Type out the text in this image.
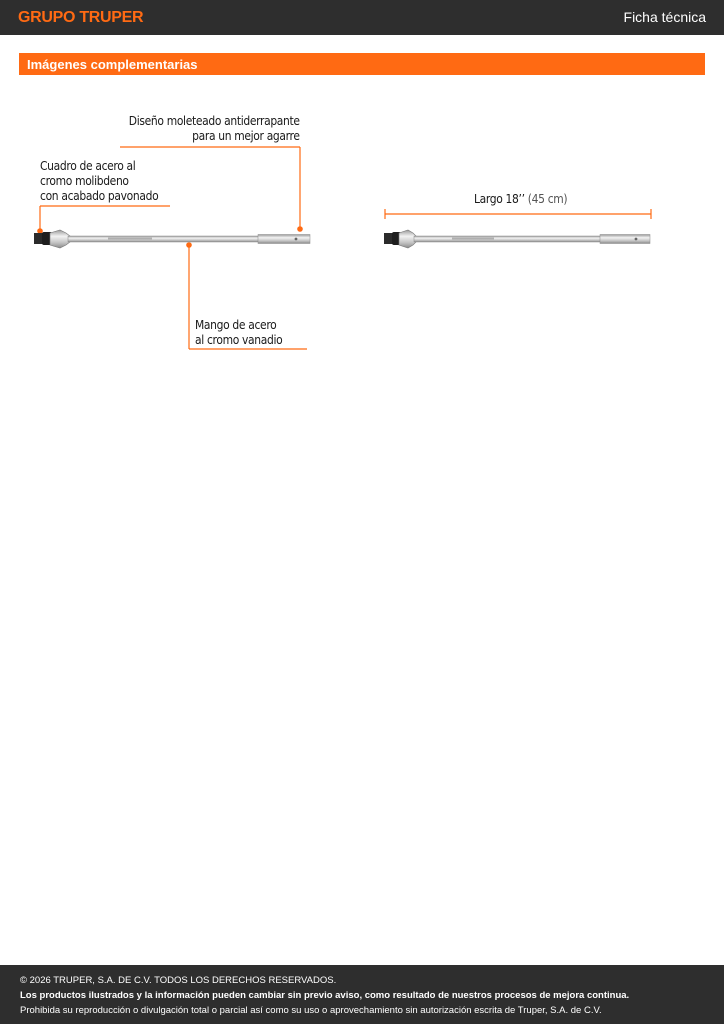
GRUPO TRUPER	Ficha técnica
Imágenes complementarias
Diseño moleteado antiderrapante
para un mejor agarre
Cuadro de acero al
cromo molibdeno
con acabado pavonado
Mango de acero
al cromo vanadio
Largo 18’’ (45 cm)
© 2026 TRUPER, S.A. DE C.V. TODOS LOS DERECHOS RESERVADOS.
Los productos ilustrados y la información pueden cambiar sin previo aviso, como resultado de nuestros procesos de mejora continua.
Prohibida su reproducción o divulgación total o parcial así como su uso o aprovechamiento sin autorización escrita de Truper, S.A. de C.V.
